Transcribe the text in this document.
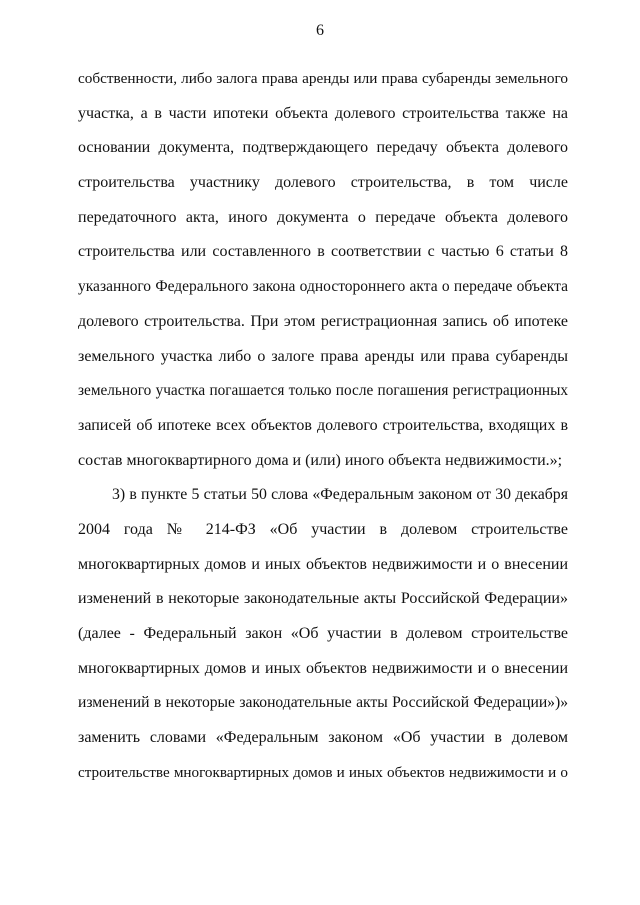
6
собственности, либо залога права аренды или права субаренды земельного
участка, а в части ипотеки объекта долевого строительства также на
основании документа, подтверждающего передачу объекта долевого
строительства участнику долевого строительства, в том числе
передаточного акта, иного документа о передаче объекта долевого
строительства или составленного в соответствии с частью 6 статьи 8
указанного Федерального закона одностороннего акта о передаче объекта
долевого строительства. При этом регистрационная запись об ипотеке
земельного участка либо о залоге права аренды или права субаренды
земельного участка погашается только после погашения регистрационных
записей об ипотеке всех объектов долевого строительства, входящих в
состав многоквартирного дома и (или) иного объекта недвижимости.»;
3) в пункте 5 статьи 50 слова «Федеральным законом от 30 декабря
2004 года № 214-ФЗ «Об участии в долевом строительстве
многоквартирных домов и иных объектов недвижимости и о внесении
изменений в некоторые законодательные акты Российской Федерации»
(далее - Федеральный закон «Об участии в долевом строительстве
многоквартирных домов и иных объектов недвижимости и о внесении
изменений в некоторые законодательные акты Российской Федерации»)»
заменить словами «Федеральным законом «Об участии в долевом
строительстве многоквартирных домов и иных объектов недвижимости и о
